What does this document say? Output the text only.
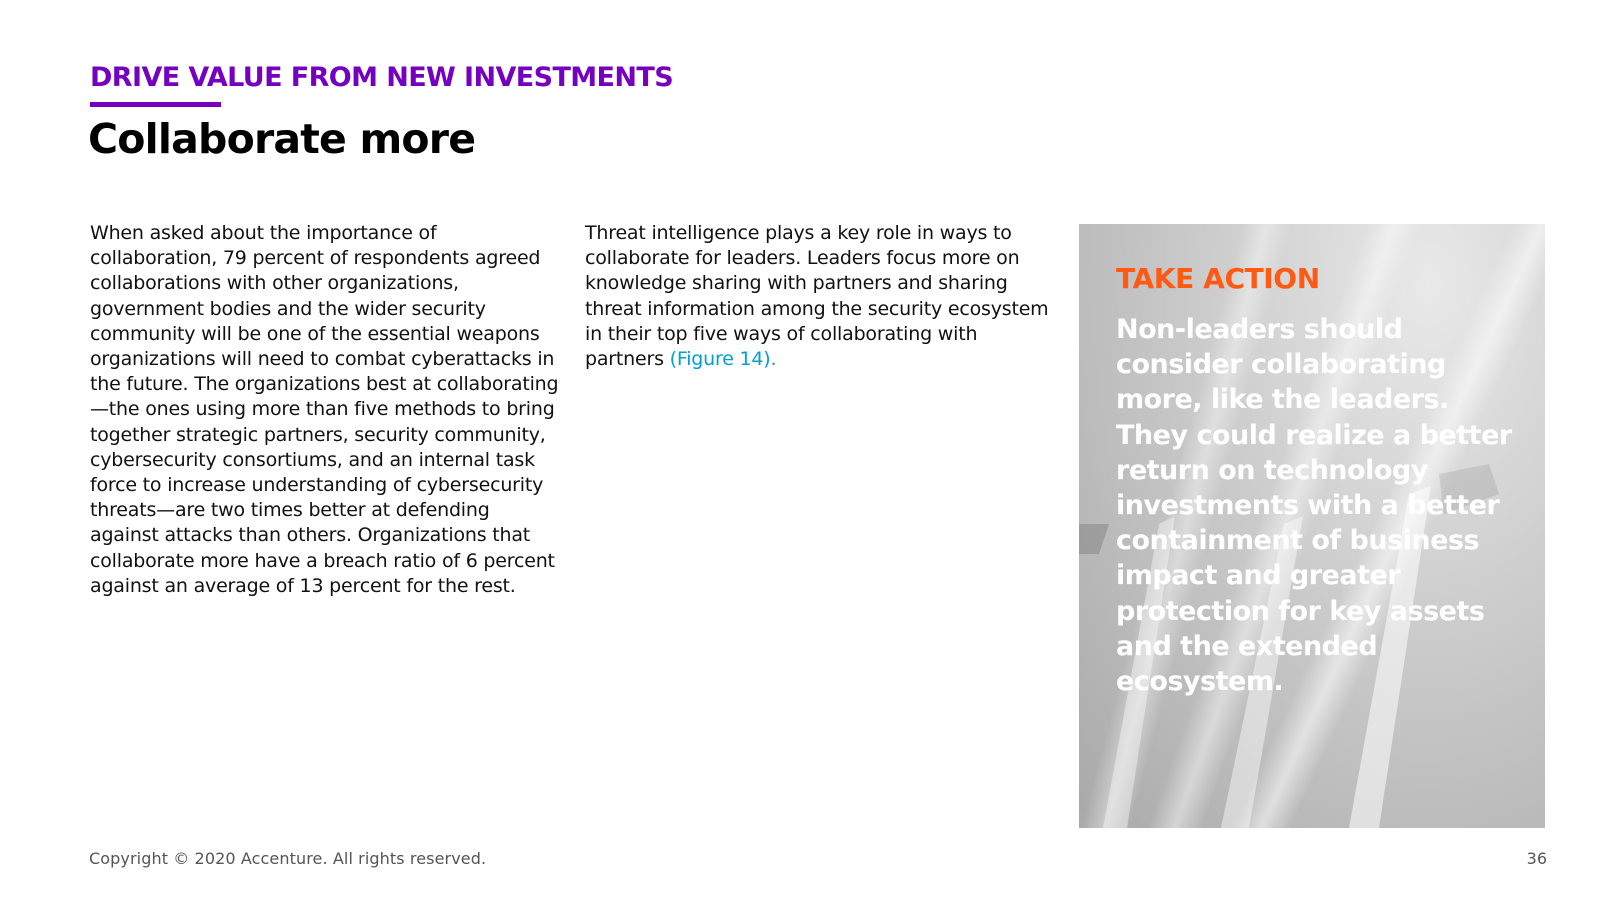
DRIVE VALUE FROM NEW INVESTMENTS
Collaborate more

When asked about the importance of collaboration, 79 percent of respondents agreed collaborations with other organizations, government bodies and the wider security community will be one of the essential weapons organizations will need to combat cyberattacks in the future. The organizations best at collaborating—the ones using more than five methods to bring together strategic partners, security community, cybersecurity consortiums, and an internal task force to increase understanding of cybersecurity threats—are two times better at defending against attacks than others. Organizations that collaborate more have a breach ratio of 6 percent against an average of 13 percent for the rest.

Threat intelligence plays a key role in ways to collaborate for leaders. Leaders focus more on knowledge sharing with partners and sharing threat information among the security ecosystem in their top five ways of collaborating with partners (Figure 14).

TAKE ACTION

Non-leaders should consider collaborating more, like the leaders. They could realize a better return on technology investments with a better containment of business impact and greater protection for key assets and the extended ecosystem.

Copyright © 2020 Accenture. All rights reserved.	36
